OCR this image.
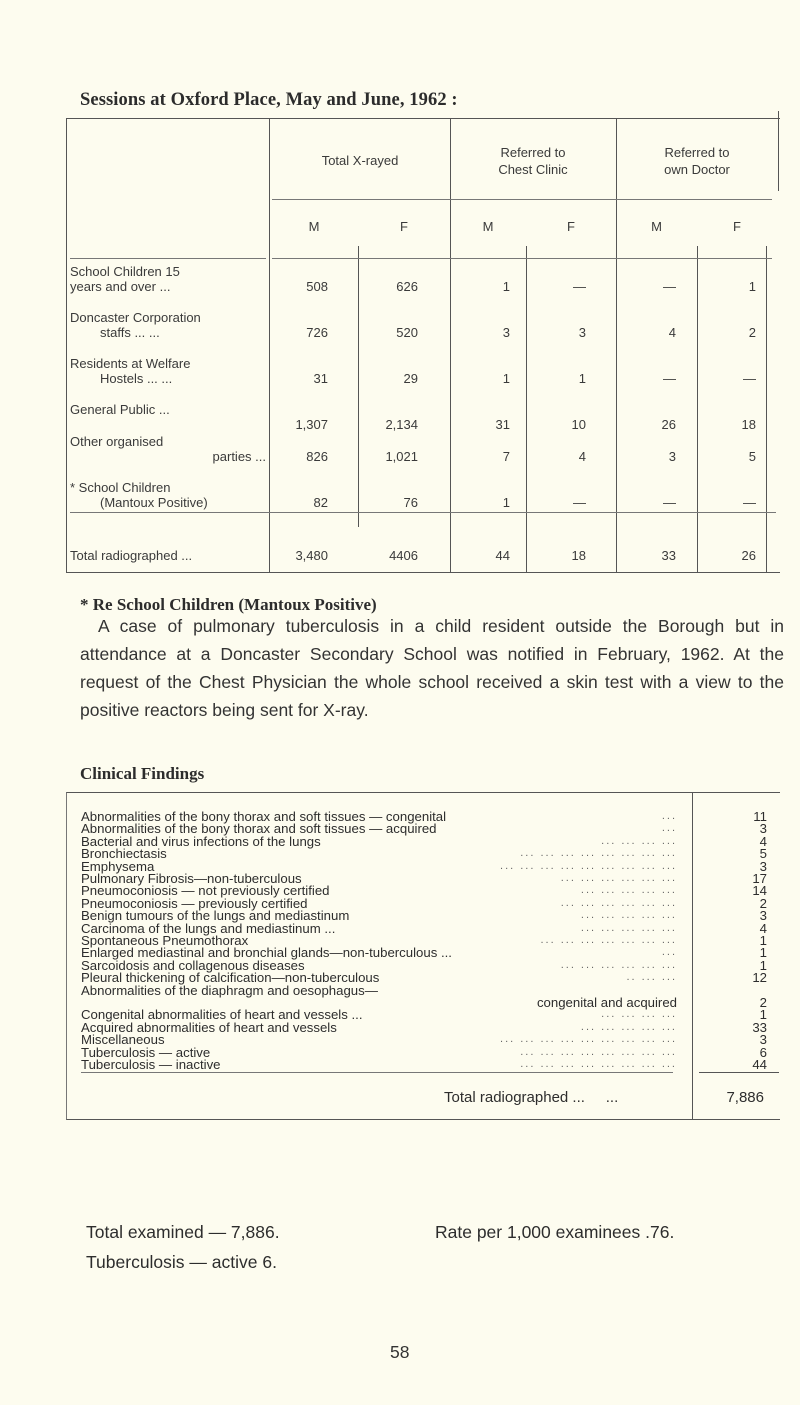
Sessions at Oxford Place, May and June, 1962 :
Total X-rayed
Referred to
Chest Clinic
Referred to
own Doctor
M	F	M	F	M	F
School Children 15
years and over ...	508	626	1	—	—	1
Doncaster Corporation
staffs ... ...	726	520	3	3	4	2
Residents at Welfare
Hostels ... ...	31	29	1	1	—	—
General Public ...
1,307	2,134	31	10	26	18
Other organised
parties ...	826	1,021	7	4	3	5
* School Children
(Mantoux Positive)	82	76	1	—	—	—
Total radiographed ...	3,480	4406	44	18	33	26
* Re School Children (Mantoux Positive)
A case of pulmonary tuberculosis in a child resident outside the Borough but in attendance at a Doncaster Secondary School was notified in February, 1962. At the request of the Chest Physician the whole school received a skin test with a view to the positive reactors being sent for X-ray.
Clinical Findings
Abnormalities of the bony thorax and soft tissues — congenital	...	11
Abnormalities of the bony thorax and soft tissues — acquired	...	3
Bacterial and virus infections of the lungs	... ... ... ...	4
Bronchiectasis	... ... ... ... ... ... ... ...	5
Emphysema	... ... ... ... ... ... ... ... ...	3
Pulmonary Fibrosis—non-tuberculous	... ... ... ... ... ...	17
Pneumoconiosis — not previously certified	... ... ... ... ...	14
Pneumoconiosis — previously certified	... ... ... ... ... ...	2
Benign tumours of the lungs and mediastinum	... ... ... ... ...	3
Carcinoma of the lungs and mediastinum ...	... ... ... ... ...	4
Spontaneous Pneumothorax	... ... ... ... ... ... ...	1
Enlarged mediastinal and bronchial glands—non-tuberculous ...	...	1
Sarcoidosis and collagenous diseases	... ... ... ... ... ...	1
Pleural thickening of calcification—non-tuberculous	.. ... ...	12
Abnormalities of the diaphragm and oesophagus—
congenital and acquired	2
Congenital abnormalities of heart and vessels ...	... ... ... ...	1
Acquired abnormalities of heart and vessels	... ... ... ... ...	33
Miscellaneous	... ... ... ... ... ... ... ... ...	3
Tuberculosis — active	... ... ... ... ... ... ... ...	6
Tuberculosis — inactive	... ... ... ... ... ... ... ...	44
Total radiographed ...     ...	7,886
Total examined — 7,886.	Rate per 1,000 examinees .76.
Tuberculosis — active 6.
58
